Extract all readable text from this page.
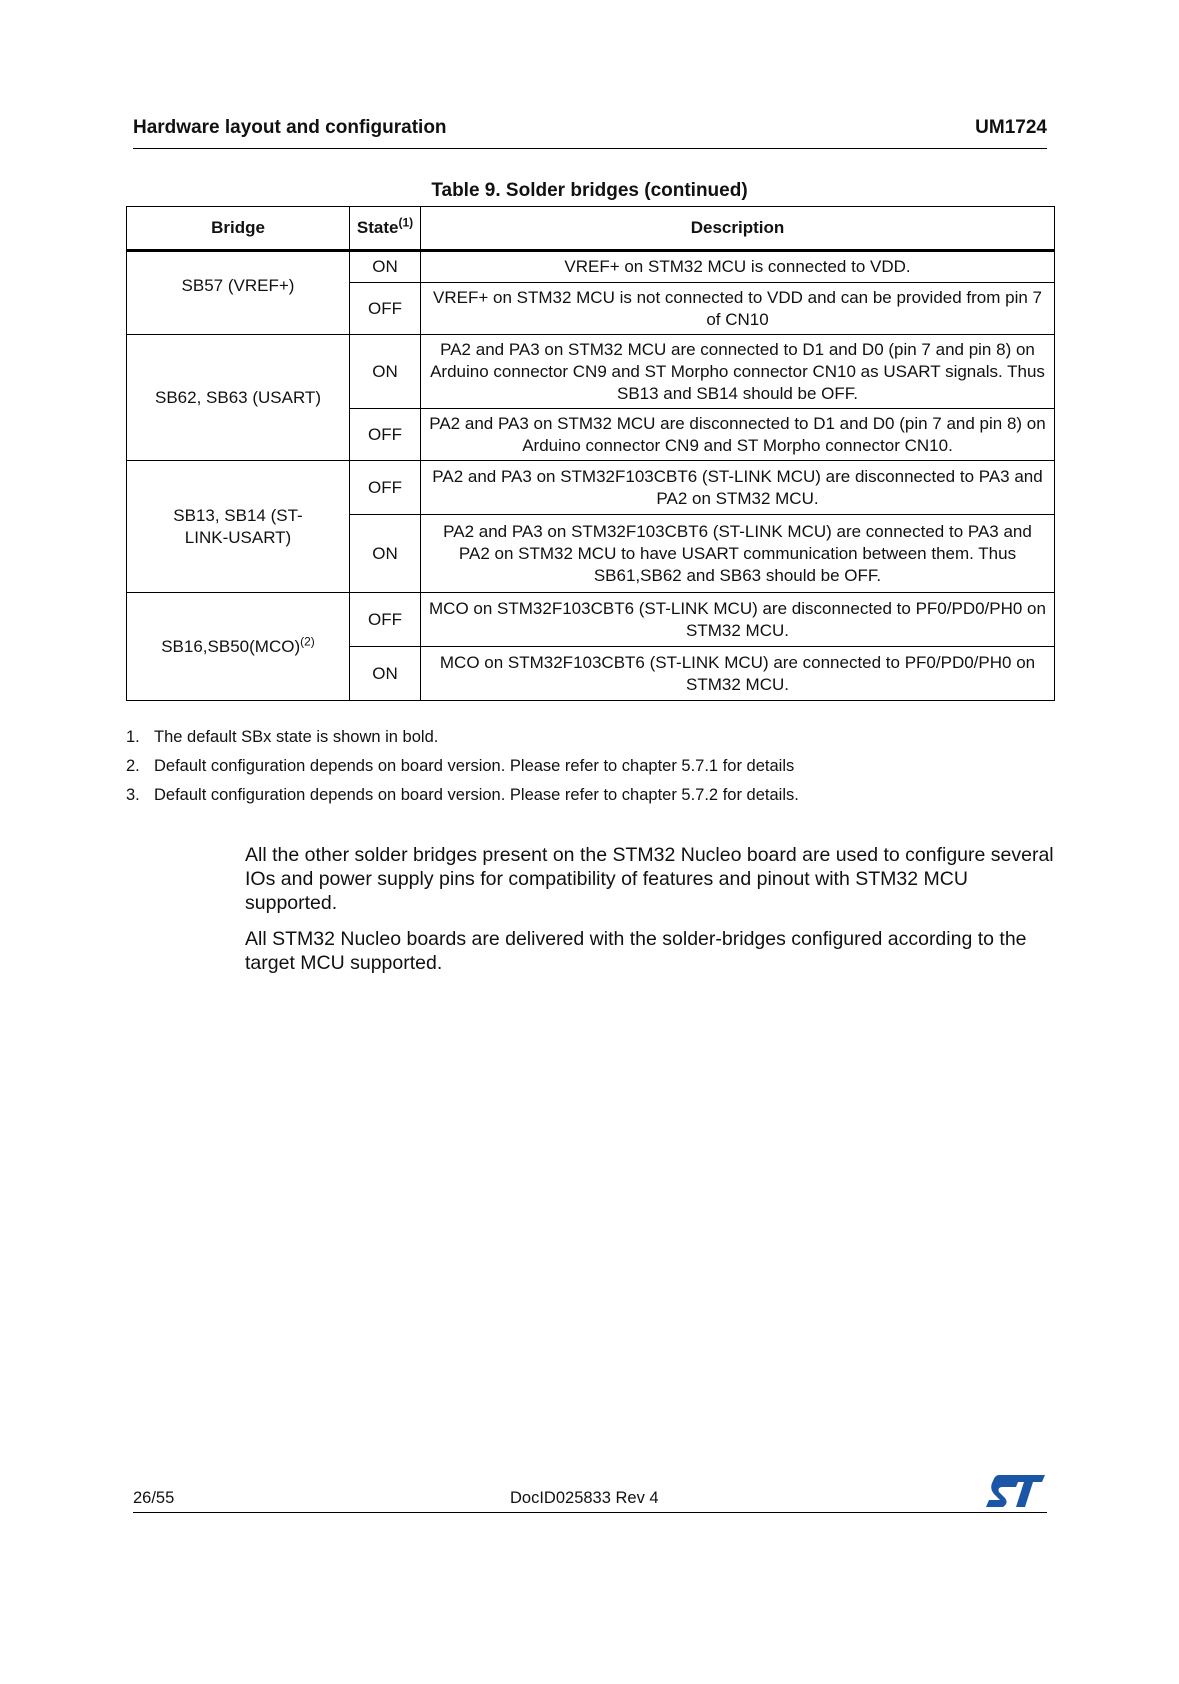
Hardware layout and configuration	UM1724
Table 9. Solder bridges (continued)
Bridge	State$^{(1)}$	Description
SB57 (VREF+)	ON	VREF+ on STM32 MCU is connected to VDD.
	OFF	VREF+ on STM32 MCU is not connected to VDD and can be provided from pin 7 of CN10
SB62, SB63 (USART)	ON	PA2 and PA3 on STM32 MCU are connected to D1 and D0 (pin 7 and pin 8) on Arduino connector CN9 and ST Morpho connector CN10 as USART signals. Thus SB13 and SB14 should be OFF.
	OFF	PA2 and PA3 on STM32 MCU are disconnected to D1 and D0 (pin 7 and pin 8) on Arduino connector CN9 and ST Morpho connector CN10.
SB13, SB14 (ST-LINK-USART)	OFF	PA2 and PA3 on STM32F103CBT6 (ST-LINK MCU) are disconnected to PA3 and PA2 on STM32 MCU.
	ON	PA2 and PA3 on STM32F103CBT6 (ST-LINK MCU) are connected to PA3 and PA2 on STM32 MCU to have USART communication between them. Thus SB61,SB62 and SB63 should be OFF.
SB16,SB50(MCO)$^{(2)}$	OFF	MCO on STM32F103CBT6 (ST-LINK MCU) are disconnected to PF0/PD0/PH0 on STM32 MCU.
	ON	MCO on STM32F103CBT6 (ST-LINK MCU) are connected to PF0/PD0/PH0 on STM32 MCU.
1. The default SBx state is shown in bold.
2. Default configuration depends on board version. Please refer to chapter 5.7.1 for details
3. Default configuration depends on board version. Please refer to chapter 5.7.2 for details.
All the other solder bridges present on the STM32 Nucleo board are used to configure several IOs and power supply pins for compatibility of features and pinout with STM32 MCU supported.
All STM32 Nucleo boards are delivered with the solder-bridges configured according to the target MCU supported.
26/55	DocID025833 Rev 4
